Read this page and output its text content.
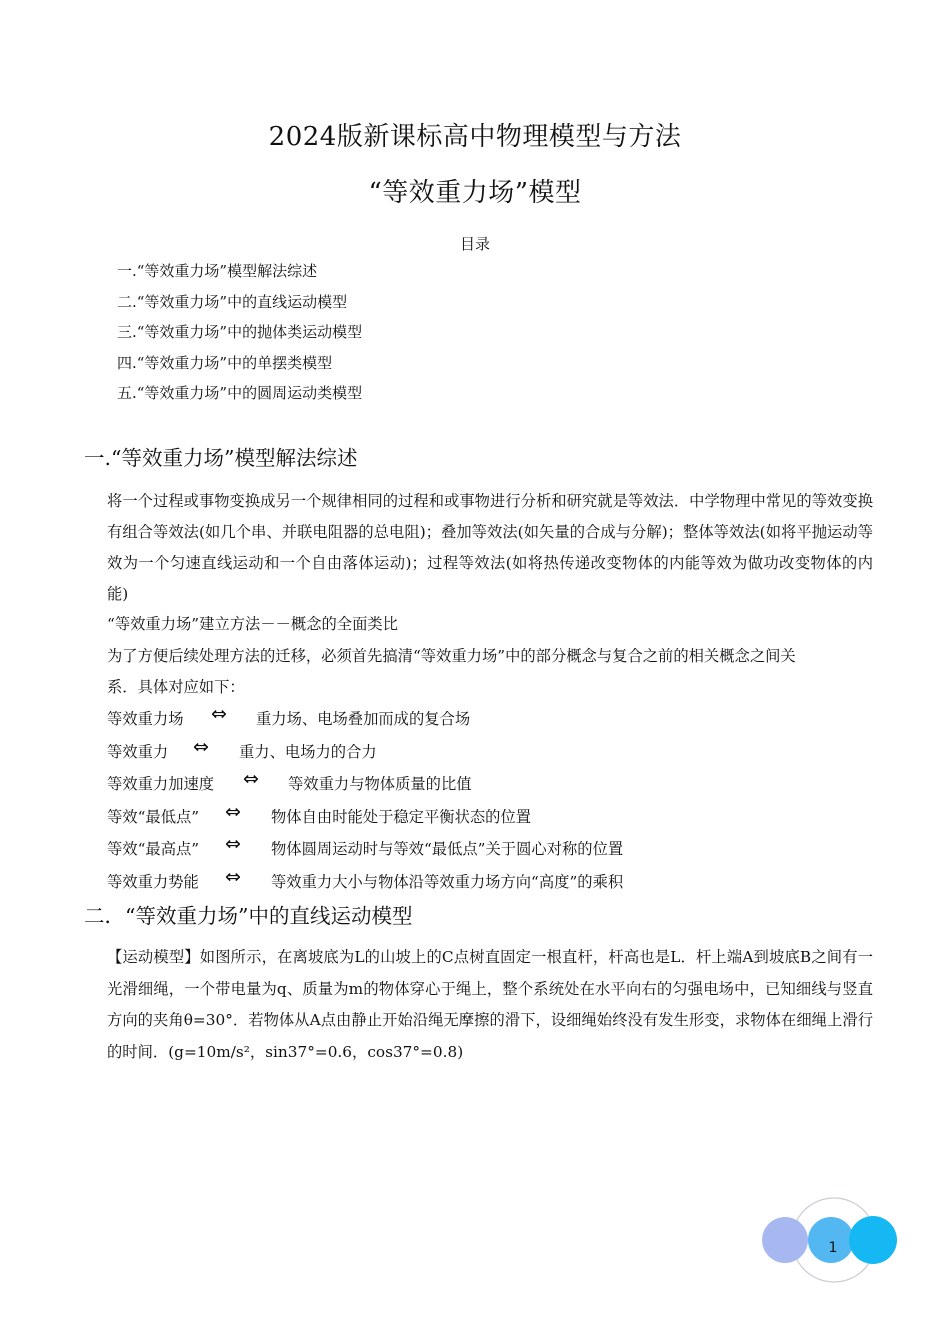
2024版新课标高中物理模型与方法
“等效重力场”模型
目录
一.“等效重力场”模型解法综述
二.“等效重力场”中的直线运动模型
三.“等效重力场”中的抛体类运动模型
四.“等效重力场”中的单摆类模型
五.“等效重力场”中的圆周运动类模型
一.“等效重力场”模型解法综述
将一个过程或事物变换成另一个规律相同的过程和或事物进行分析和研究就是等效法．中学物理中常见的等效变换有组合等效法(如几个串、并联电阻器的总电阻)；叠加等效法(如矢量的合成与分解)；整体等效法(如将平抛运动等效为一个匀速直线运动和一个自由落体运动)；过程等效法(如将热传递改变物体的内能等效为做功改变物体的内能)
“等效重力场”建立方法－－概念的全面类比
为了方便后续处理方法的迁移，必须首先搞清“等效重力场”中的部分概念与复合之前的相关概念之间关
系．具体对应如下：
等效重力场 ⇔ 重力场、电场叠加而成的复合场
等效重力 ⇔ 重力、电场力的合力
等效重力加速度 ⇔ 等效重力与物体质量的比值
等效“最低点” ⇔ 物体自由时能处于稳定平衡状态的位置
等效“最高点” ⇔ 物体圆周运动时与等效“最低点”关于圆心对称的位置
等效重力势能 ⇔ 等效重力大小与物体沿等效重力场方向“高度”的乘积
二．“等效重力场”中的直线运动模型
【运动模型】如图所示，在离坡底为L的山坡上的C点树直固定一根直杆，杆高也是L．杆上端A到坡底B之间有一光滑细绳，一个带电量为q、质量为m的物体穿心于绳上，整个系统处在水平向右的匀强电场中，已知细线与竖直方向的夹角θ=30°．若物体从A点由静止开始沿绳无摩擦的滑下，设细绳始终没有发生形变，求物体在细绳上滑行的时间．(g=10m/s²，sin37°=0.6，cos37°=0.8)
1
